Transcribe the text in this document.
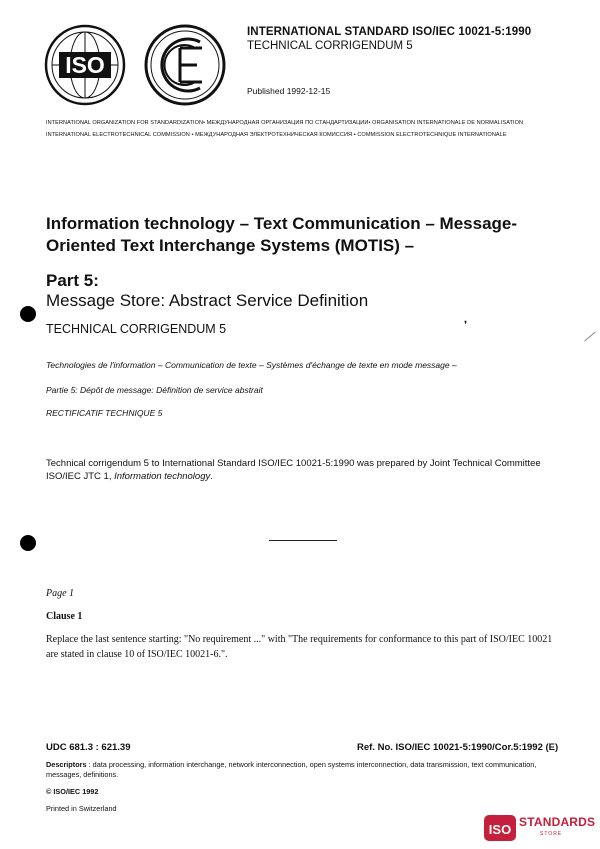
ISO
INTERNATIONAL STANDARD ISO/IEC 10021-5:1990
TECHNICAL CORRIGENDUM 5
Published 1992-12-15
INTERNATIONAL ORGANIZATION FOR STANDARDIZATION• МЕЖДУНАРОДНАЯ ОРГАНИЗАЦИЯ ПО СТАНДАРТИЗАЦИИ• ORGANISATION INTERNATIONALE DE NORMALISATION
INTERNATIONAL ELECTROTECHNICAL COMMISSION • МЕЖДУНАРОДНАЯ ЭЛЕКТРОТЕХНИЧЕСКАЯ КОМИССИЯ • COMMISSION ELECTROTECHNIQUE INTERNATIONALE
Information technology – Text Communication – Message-Oriented Text Interchange Systems (MOTIS) –
Part 5:
Message Store: Abstract Service Definition
TECHNICAL CORRIGENDUM 5
Technologies de l'information – Communication de texte – Systèmes d'échange de texte en mode message –
Partie 5: Dépôt de message: Définition de service abstrait
RECTIFICATIF TECHNIQUE 5
Technical corrigendum 5 to International Standard ISO/IEC 10021-5:1990 was prepared by Joint Technical Committee ISO/IEC JTC 1, Information technology.
Page 1
Clause 1
Replace the last sentence starting: "No requirement ..." with "The requirements for conformance to this part of ISO/IEC 10021 are stated in clause 10 of ISO/IEC 10021-6.".
UDC 681.3 : 621.39	Ref. No. ISO/IEC 10021-5:1990/Cor.5:1992 (E)
Descriptors : data processing, information interchange, network interconnection, open systems interconnection, data transmission, text communication, messages, definitions.
© ISO/IEC 1992
Printed in Switzerland
❜
ISO STANDARDS
STORE
